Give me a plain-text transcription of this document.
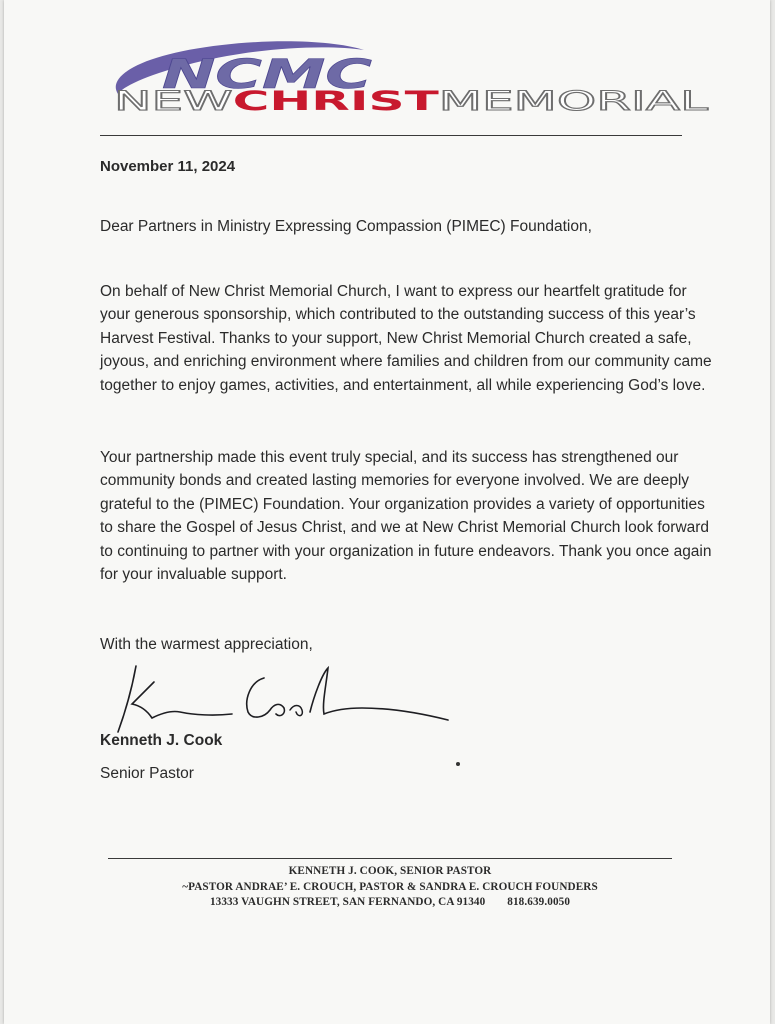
NCMC
NEW CHRIST	MEMORIAL
November 11, 2024
Dear Partners in Ministry Expressing Compassion (PIMEC) Foundation,

On behalf of New Christ Memorial Church, I want to express our heartfelt gratitude for your generous sponsorship, which contributed to the outstanding success of this year’s Harvest Festival. Thanks to your support, New Christ Memorial Church created a safe, joyous, and enriching environment where families and children from our community came together to enjoy games, activities, and entertainment, all while experiencing God’s love.

Your partnership made this event truly special, and its success has strengthened our community bonds and created lasting memories for everyone involved. We are deeply grateful to the (PIMEC) Foundation. Your organization provides a variety of opportunities to share the Gospel of Jesus Christ, and we at New Christ Memorial Church look forward to continuing to partner with your organization in future endeavors. Thank you once again for your invaluable support.

With the warmest appreciation,
Kenneth J. Cook
Senior Pastor
KENNETH J. COOK, SENIOR PASTOR
~PASTOR ANDRAE’ E. CROUCH, PASTOR & SANDRA E. CROUCH FOUNDERS
13333 VAUGHN STREET, SAN FERNANDO, CA 91340 818.639.0050
